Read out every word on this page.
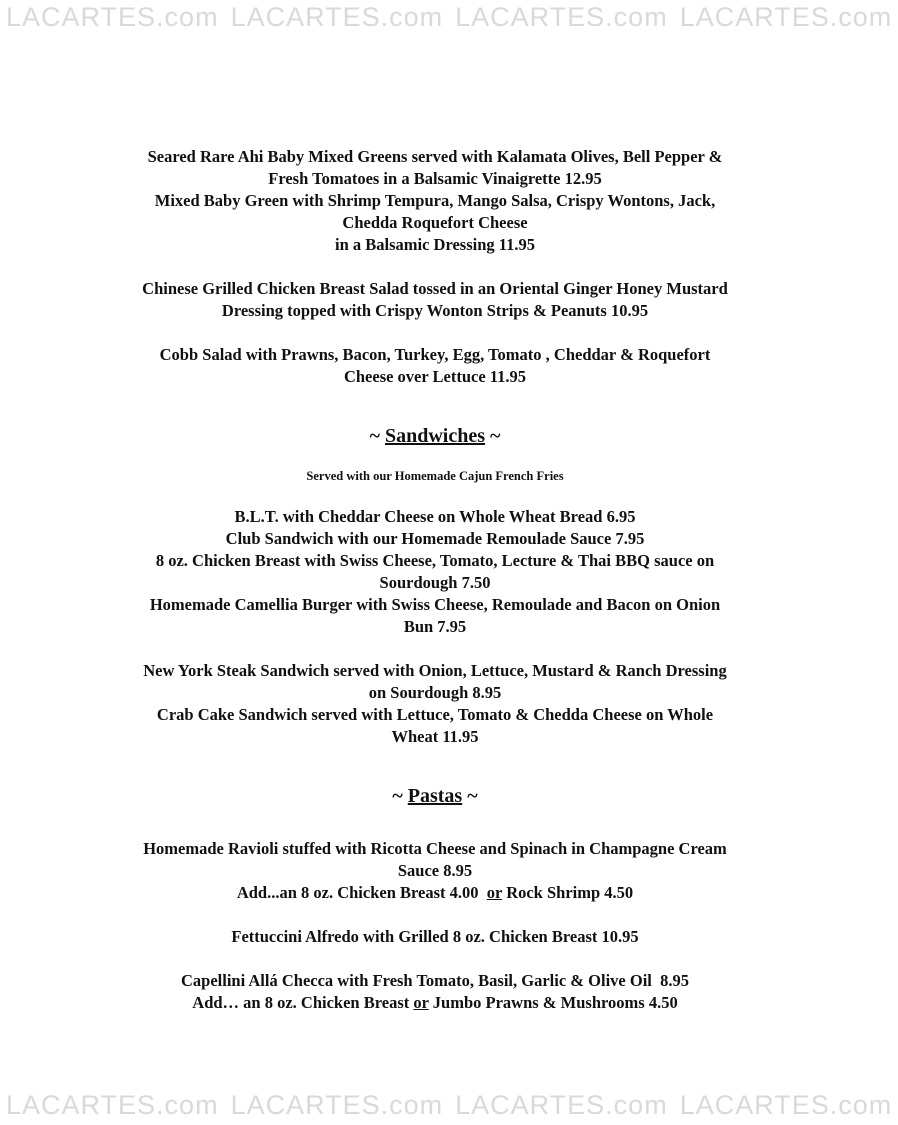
LACARTES.com LACARTES.com LACARTES.com LACARTES.com
Seared Rare Ahi Baby Mixed Greens served with Kalamata Olives, Bell Pepper &
Fresh Tomatoes in a Balsamic Vinaigrette 12.95
Mixed Baby Green with Shrimp Tempura, Mango Salsa, Crispy Wontons, Jack,
Chedda Roquefort Cheese
in a Balsamic Dressing 11.95
Chinese Grilled Chicken Breast Salad tossed in an Oriental Ginger Honey Mustard
Dressing topped with Crispy Wonton Strips & Peanuts 10.95
Cobb Salad with Prawns, Bacon, Turkey, Egg, Tomato , Cheddar & Roquefort
Cheese over Lettuce 11.95
~ Sandwiches ~
Served with our Homemade Cajun French Fries
B.L.T. with Cheddar Cheese on Whole Wheat Bread 6.95
Club Sandwich with our Homemade Remoulade Sauce 7.95
8 oz. Chicken Breast with Swiss Cheese, Tomato, Lecture & Thai BBQ sauce on
Sourdough 7.50
Homemade Camellia Burger with Swiss Cheese, Remoulade and Bacon on Onion
Bun 7.95
New York Steak Sandwich served with Onion, Lettuce, Mustard & Ranch Dressing
on Sourdough 8.95
Crab Cake Sandwich served with Lettuce, Tomato & Chedda Cheese on Whole
Wheat 11.95
~ Pastas ~
Homemade Ravioli stuffed with Ricotta Cheese and Spinach in Champagne Cream
Sauce 8.95
Add...an 8 oz. Chicken Breast 4.00  or Rock Shrimp 4.50
Fettuccini Alfredo with Grilled 8 oz. Chicken Breast 10.95
Capellini Allá Checca with Fresh Tomato, Basil, Garlic & Olive Oil  8.95
Add… an 8 oz. Chicken Breast or Jumbo Prawns & Mushrooms 4.50
LACARTES.com LACARTES.com LACARTES.com LACARTES.com
